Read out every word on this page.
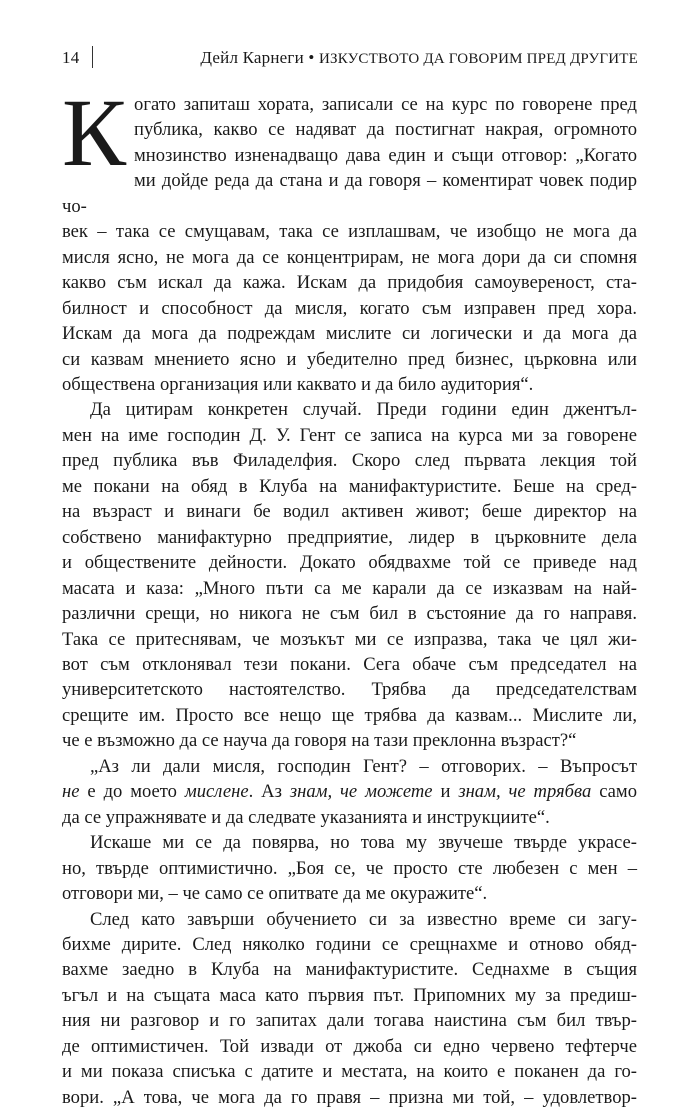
14	Дейл Карнеги • ИЗКУСТВОТО ДА ГОВОРИМ ПРЕД ДРУГИТЕ

К огато запиташ хората, записали се на курс по говорене пред
публика, какво се надяват да постигнат накрая, огромното
мнозинство изненадващо дава един и същи отговор: „Когато
ми дойде реда да стана и да говоря – коментират човек подир чо-
век – така се смущавам, така се изплашвам, че изобщо не мога да
мисля ясно, не мога да се концентрирам, не мога дори да си спомня
какво съм искал да кажа. Искам да придобия самоувереност, ста-
билност и способност да мисля, когато съм изправен пред хора.
Искам да мога да подреждам мислите си логически и да мога да
си казвам мнението ясно и убедително пред бизнес, църковна или
обществена организация или каквато и да било аудитория“.

Да цитирам конкретен случай. Преди години един джентъл-
мен на име господин Д. У. Гент се записа на курса ми за говорене
пред публика във Филаделфия. Скоро след първата лекция той
ме покани на обяд в Клуба на манифактуристите. Беше на сред-
на възраст и винаги бе водил активен живот; беше директор на
собствено манифактурно предприятие, лидер в църковните дела
и обществените дейности. Докато обядвахме той се приведе над
масата и каза: „Много пъти са ме карали да се изказвам на най-
различни срещи, но никога не съм бил в състояние да го направя.
Така се притеснявам, че мозъкът ми се изпразва, така че цял жи-
вот съм отклонявал тези покани. Сега обаче съм председател на
университетското настоятелство. Трябва да председателствам
срещите им. Просто все нещо ще трябва да казвам... Мислите ли,
че е възможно да се науча да говоря на тази преклонна възраст?“

„Аз ли дали мисля, господин Гент? – отговорих. – Въпросът
не е до моето мислене. Аз знам, че можете и знам, че трябва само
да се упражнявате и да следвате указанията и инструкциите“.

Искаше ми се да повярва, но това му звучеше твърде украсе-
но, твърде оптимистично. „Боя се, че просто сте любезен с мен –
отговори ми, – че само се опитвате да ме окуражите“.

След като завърши обучението си за известно време си загу-
бихме дирите. След няколко години се срещнахме и отново обяд-
вахме заедно в Клуба на манифактуристите. Седнахме в същия
ъгъл и на същата маса като първия път. Припомних му за предиш-
ния ни разговор и го запитах дали тогава наистина съм бил твър-
де оптимистичен. Той извади от джоба си едно червено тефтерче
и ми показа списъка с датите и местата, на които е поканен да го-
вори. „А това, че мога да го правя – призна ми той, – удовлетвор-
